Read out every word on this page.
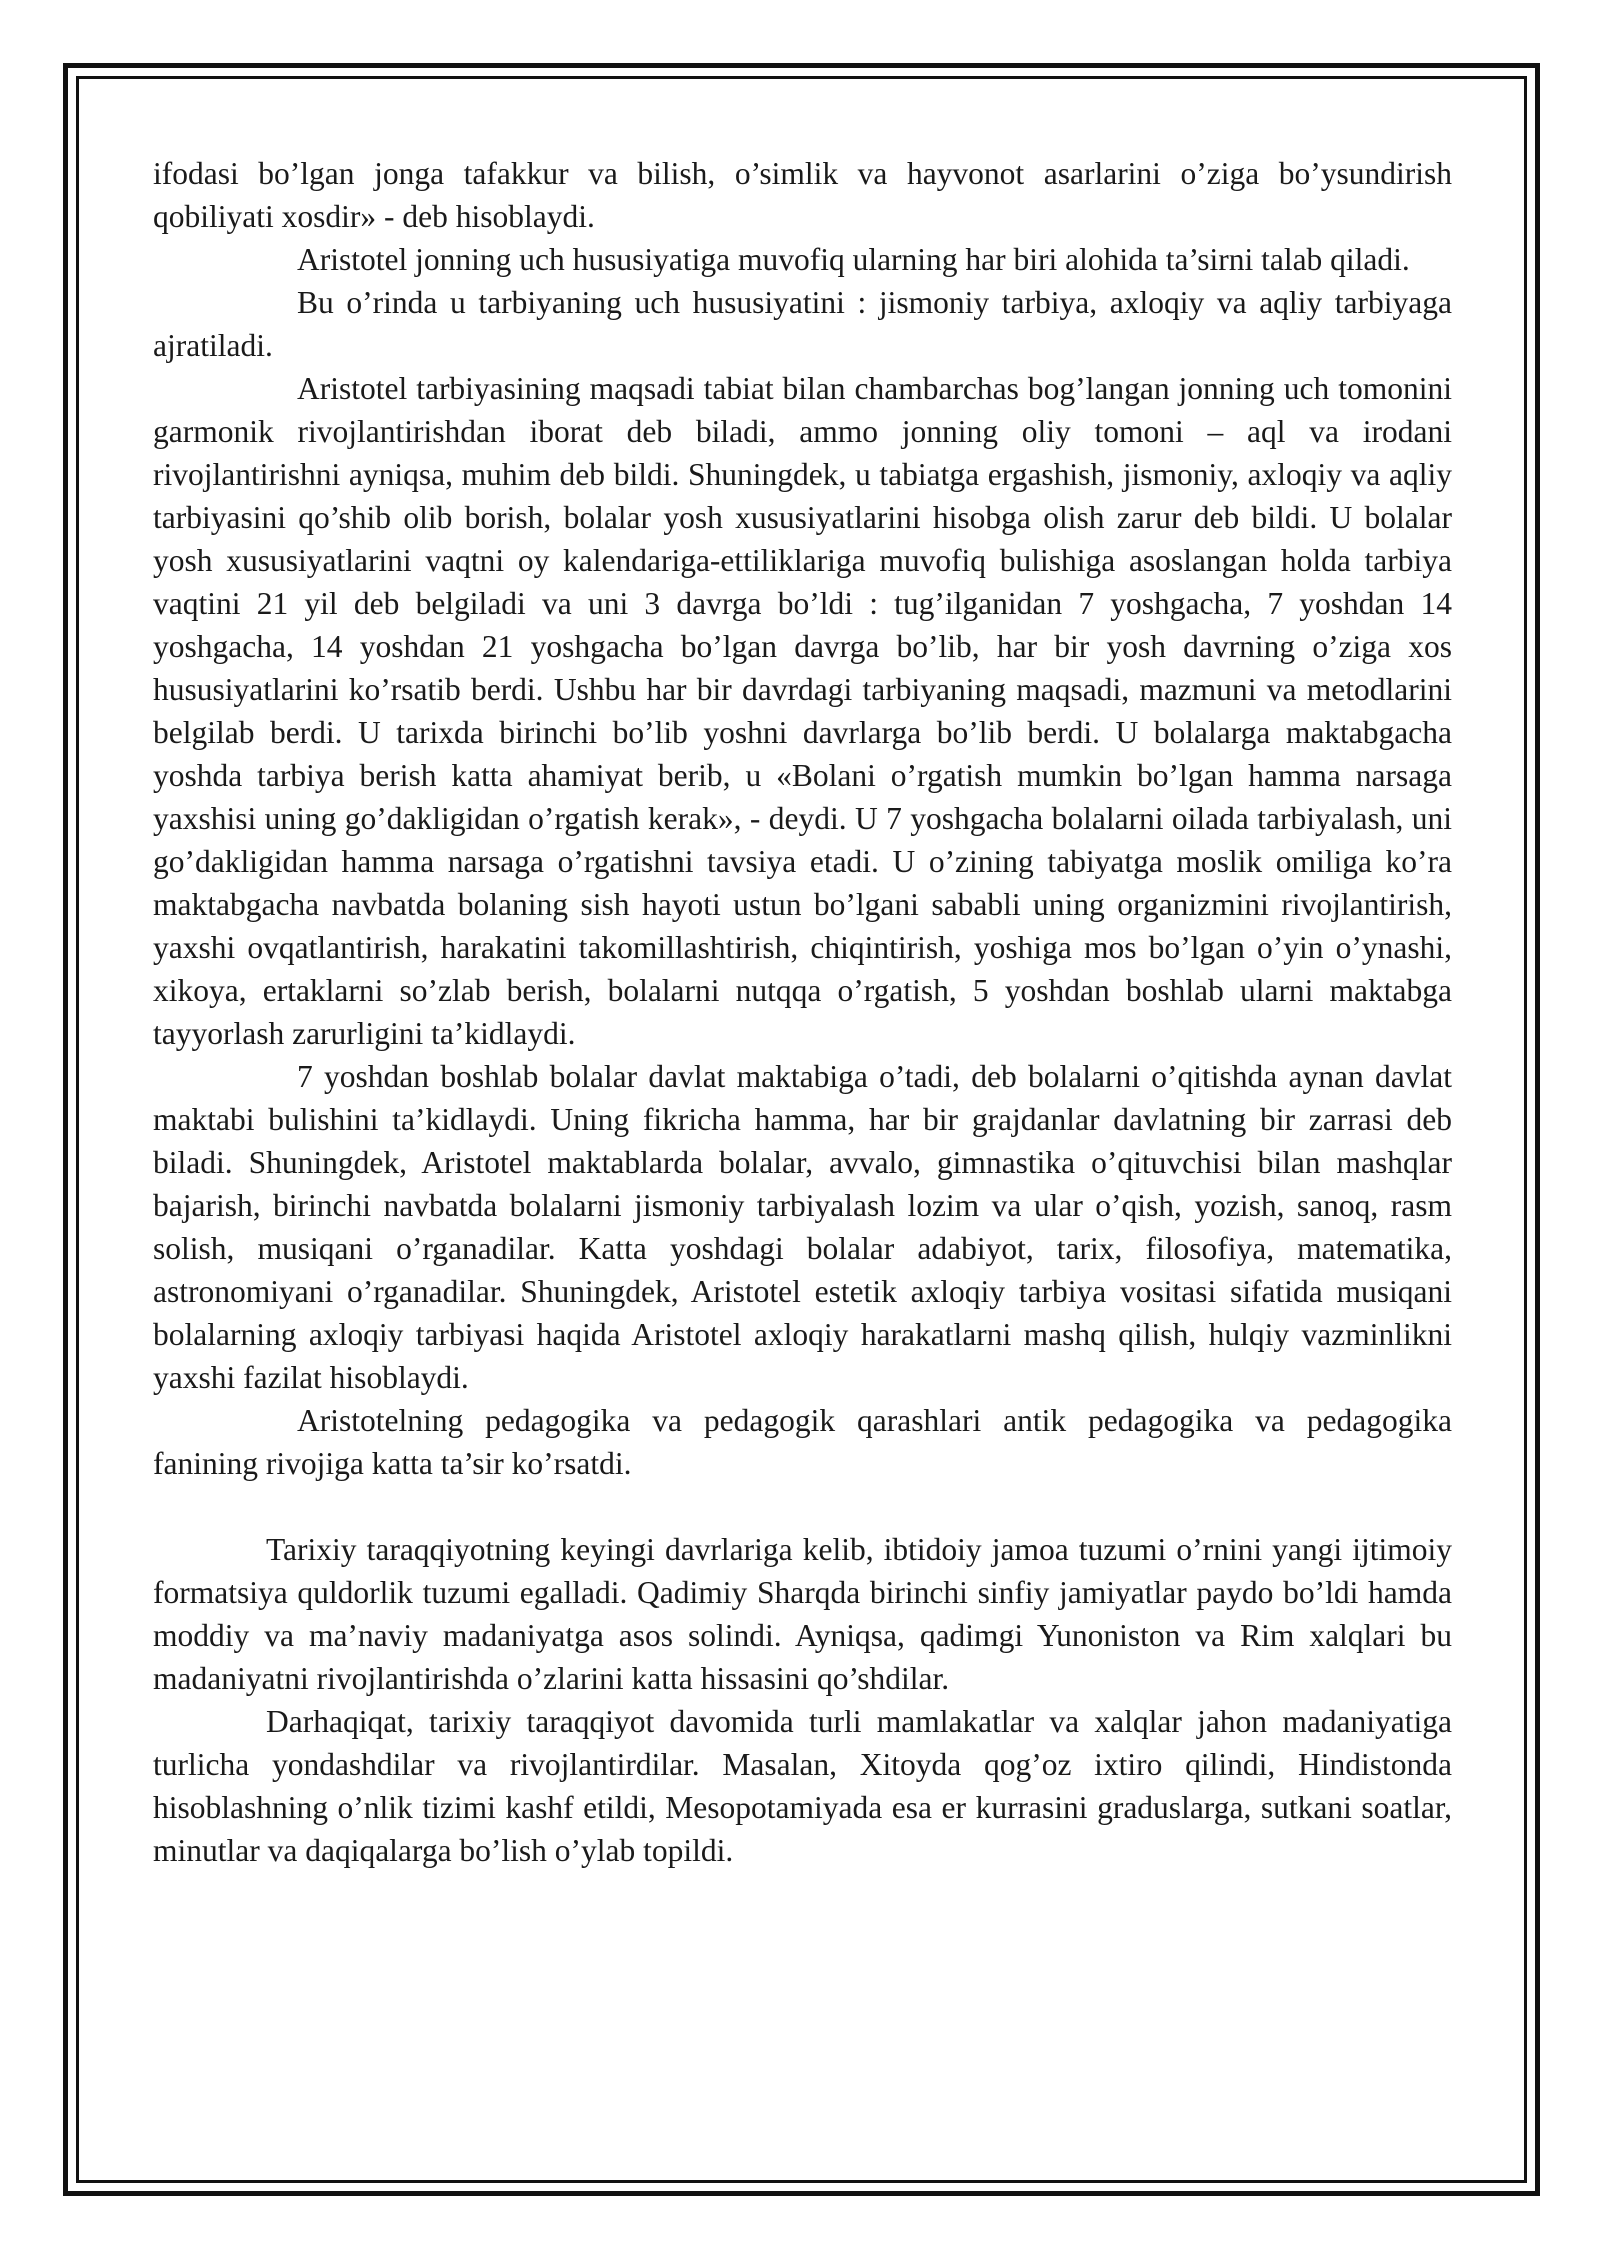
ifodasi bo’lgan jonga tafakkur va bilish, o’simlik va hayvonot asarlarini o’ziga bo’ysundirish qobiliyati xosdir» - deb hisoblaydi.

Aristotel jonning uch hususiyatiga muvofiq ularning har biri alohida ta’sirni talab qiladi.

Bu o’rinda u tarbiyaning uch hususiyatini : jismoniy tarbiya, axloqiy va aqliy tarbiyaga ajratiladi.

Aristotel tarbiyasining maqsadi tabiat bilan chambarchas bog’langan jonning uch tomonini garmonik rivojlantirishdan iborat deb biladi, ammo jonning oliy tomoni – aql va irodani rivojlantirishni ayniqsa, muhim deb bildi. Shuningdek, u tabiatga ergashish, jismoniy, axloqiy va aqliy tarbiyasini qo’shib olib borish, bolalar yosh xususiyatlarini hisobga olish zarur deb bildi. U bolalar yosh xususiyatlarini vaqtni oy kalendariga-ettiliklariga muvofiq bulishiga asoslangan holda tarbiya vaqtini 21 yil deb belgiladi va uni 3 davrga bo’ldi : tug’ilganidan 7 yoshgacha, 7 yoshdan 14 yoshgacha, 14 yoshdan 21 yoshgacha bo’lgan davrga bo’lib, har bir yosh davrning o’ziga xos hususiyatlarini ko’rsatib berdi. Ushbu har bir davrdagi tarbiyaning maqsadi, mazmuni va metodlarini belgilab berdi. U tarixda birinchi bo’lib yoshni davrlarga bo’lib berdi. U bolalarga maktabgacha yoshda tarbiya berish katta ahamiyat berib, u «Bolani o’rgatish mumkin bo’lgan hamma narsaga yaxshisi uning go’dakligidan o’rgatish kerak», - deydi. U 7 yoshgacha bolalarni oilada tarbiyalash, uni go’dakligidan hamma narsaga o’rgatishni tavsiya etadi. U o’zining tabiyatga moslik omiliga ko’ra maktabgacha navbatda bolaning sish hayoti ustun bo’lgani sababli uning organizmini rivojlantirish, yaxshi ovqatlantirish, harakatini takomillashtirish, chiqintirish, yoshiga mos bo’lgan o’yin o’ynashi, xikoya, ertaklarni so’zlab berish, bolalarni nutqqa o’rgatish, 5 yoshdan boshlab ularni maktabga tayyorlash zarurligini ta’kidlaydi.

7 yoshdan boshlab bolalar davlat maktabiga o’tadi, deb bolalarni o’qitishda aynan davlat maktabi bulishini ta’kidlaydi. Uning fikricha hamma, har bir grajdanlar davlatning bir zarrasi deb biladi. Shuningdek, Aristotel maktablarda bolalar, avvalo, gimnastika o’qituvchisi bilan mashqlar bajarish, birinchi navbatda bolalarni jismoniy tarbiyalash lozim va ular o’qish, yozish, sanoq, rasm solish, musiqani o’rganadilar. Katta yoshdagi bolalar adabiyot, tarix, filosofiya, matematika, astronomiyani o’rganadilar. Shuningdek, Aristotel estetik axloqiy tarbiya vositasi sifatida musiqani bolalarning axloqiy tarbiyasi haqida Aristotel axloqiy harakatlarni mashq qilish, hulqiy vazminlikni yaxshi fazilat hisoblaydi.

Aristotelning pedagogika va pedagogik qarashlari antik pedagogika va pedagogika fanining rivojiga katta ta’sir ko’rsatdi.

Tarixiy taraqqiyotning keyingi davrlariga kelib, ibtidoiy jamoa tuzumi o’rnini yangi ijtimoiy formatsiya quldorlik tuzumi egalladi. Qadimiy Sharqda birinchi sinfiy jamiyatlar paydo bo’ldi hamda moddiy va ma’naviy madaniyatga asos solindi. Ayniqsa, qadimgi Yunoniston va Rim xalqlari bu madaniyatni rivojlantirishda o’zlarini katta hissasini qo’shdilar.

Darhaqiqat, tarixiy taraqqiyot davomida turli mamlakatlar va xalqlar jahon madaniyatiga turlicha yondashdilar va rivojlantirdilar. Masalan, Xitoyda qog’oz ixtiro qilindi, Hindistonda hisoblashning o’nlik tizimi kashf etildi, Mesopotamiyada esa er kurrasini graduslarga, sutkani soatlar, minutlar va daqiqalarga bo’lish o’ylab topildi.
